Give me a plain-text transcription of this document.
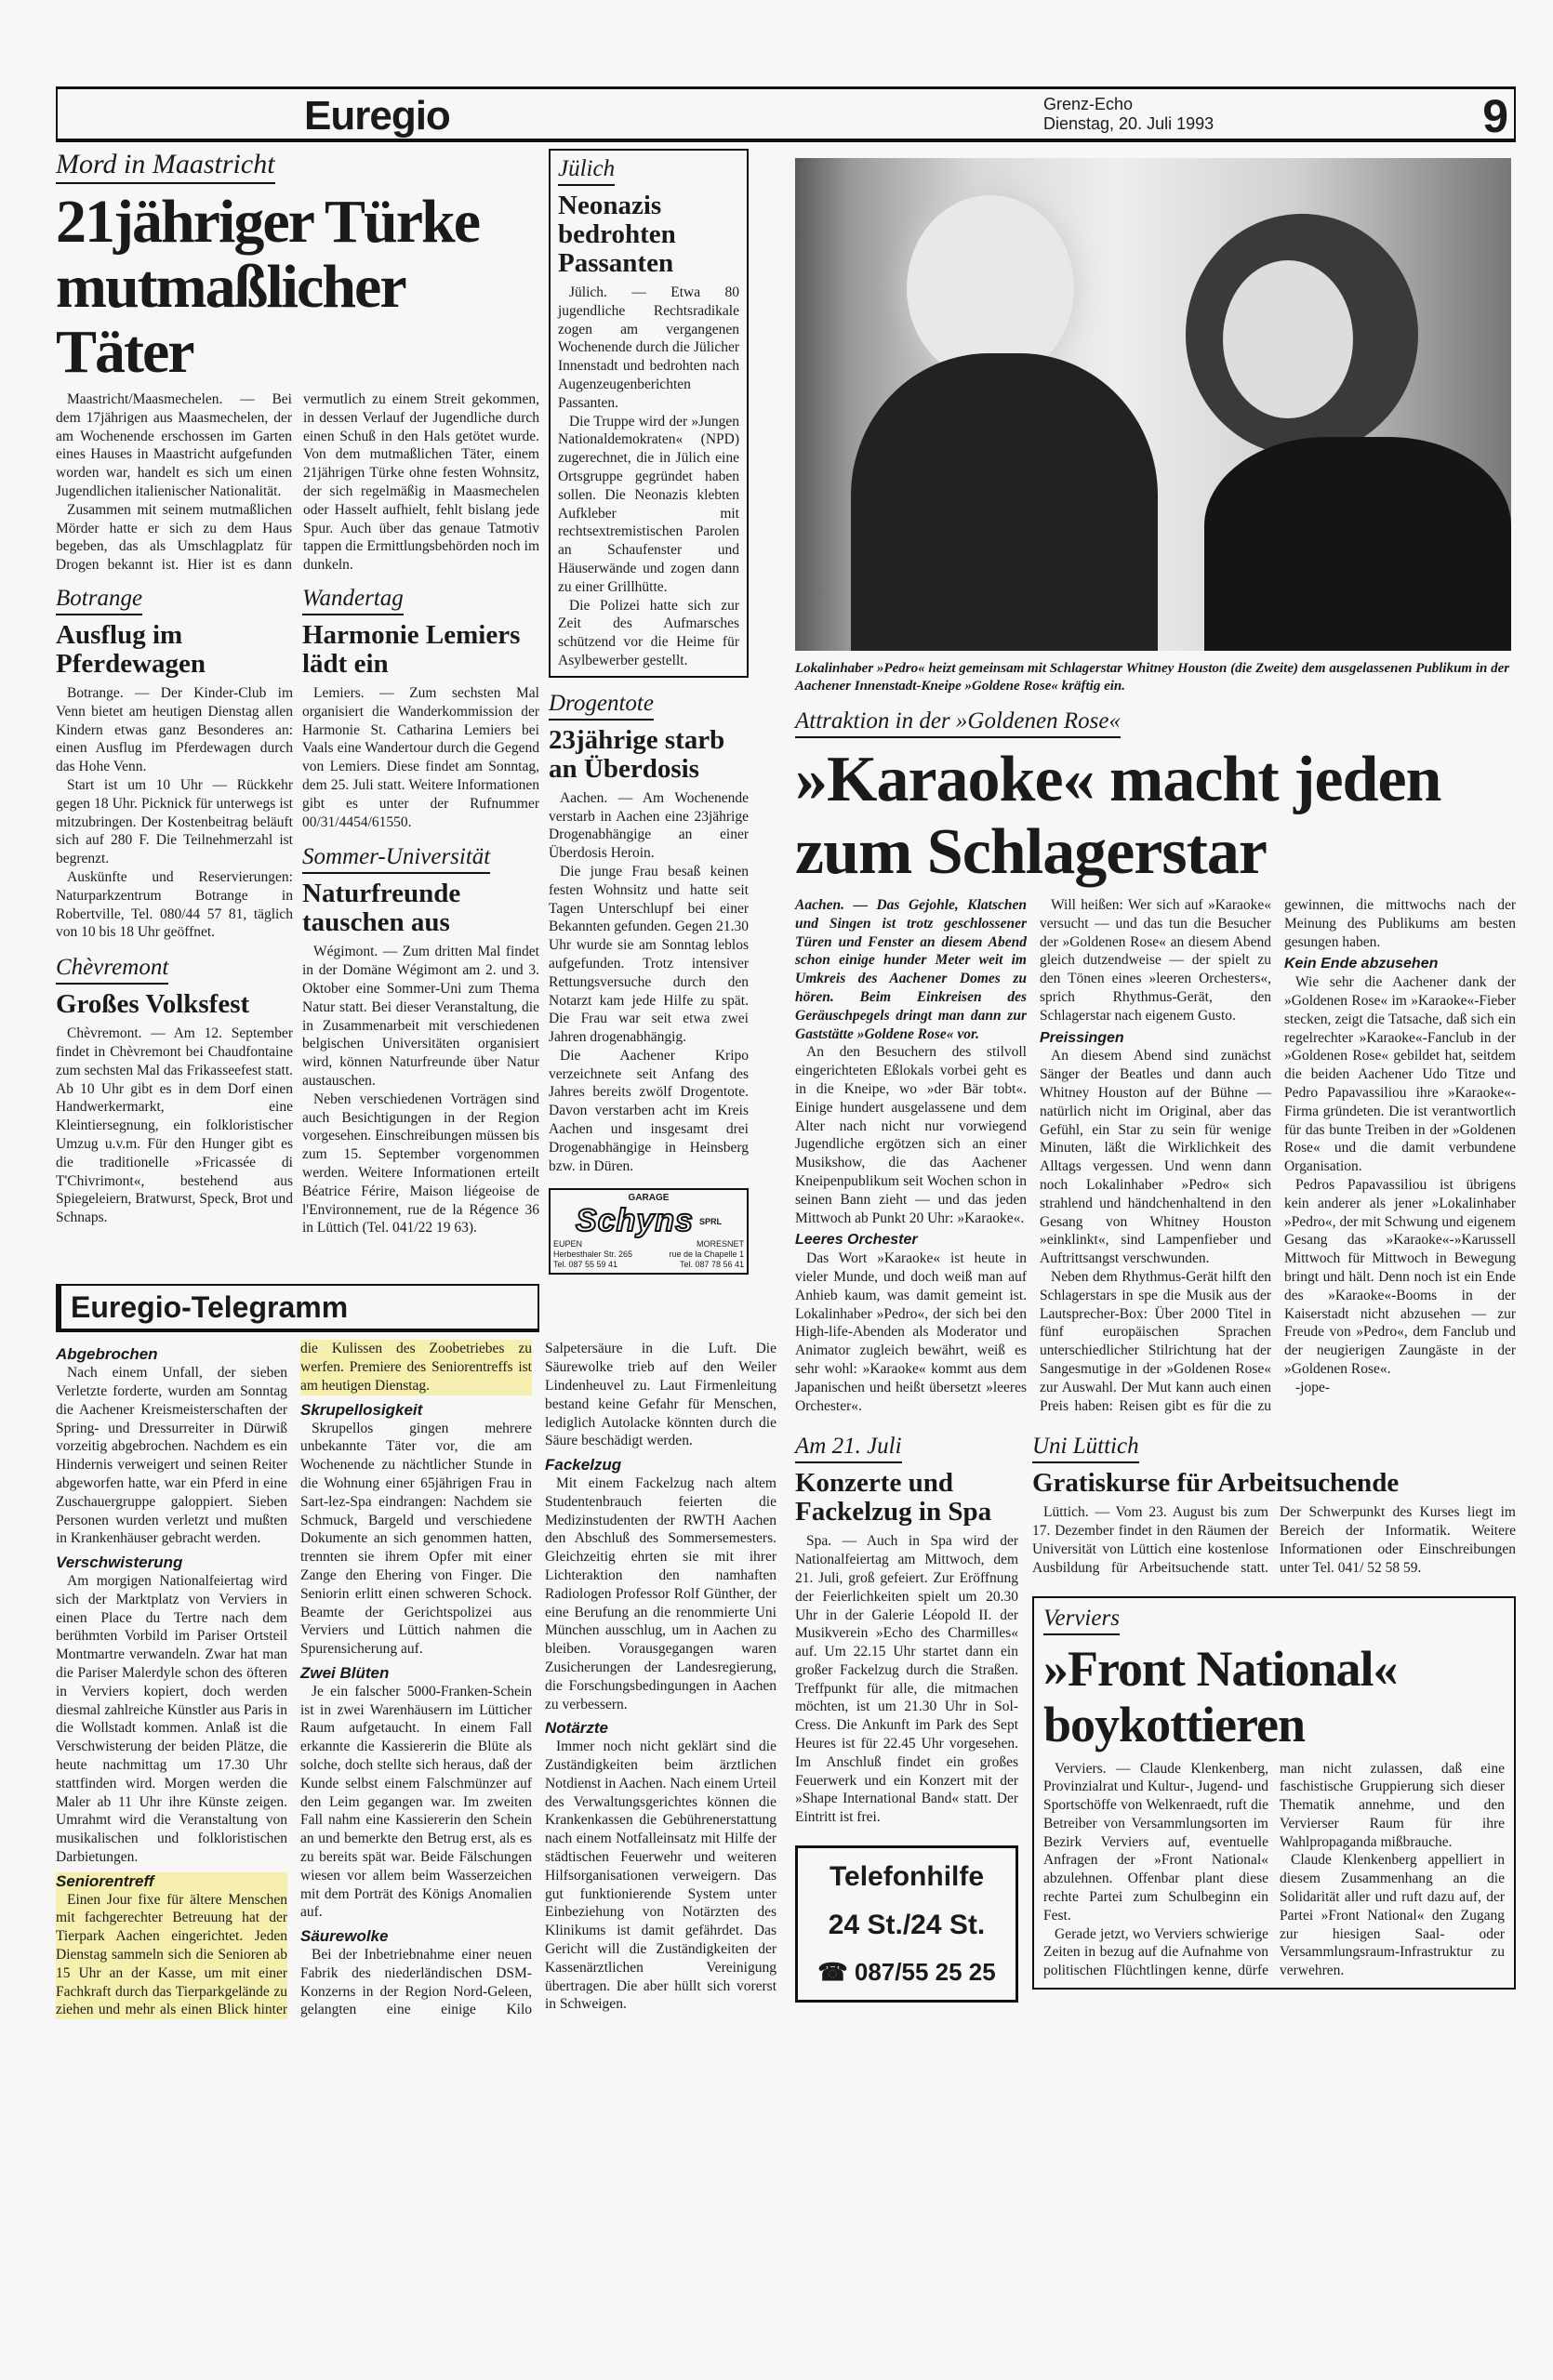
Euregio	Grenz-Echo
Dienstag, 20. Juli 1993	9
Mord in Maastricht
21jähriger Türke mutmaßlicher Täter

Maastricht/Maasmechelen. — Bei dem 17jährigen aus Maasmechelen, der am Wochenende erschossen im Garten eines Hauses in Maastricht aufgefunden worden war, handelt es sich um einen Jugendlichen italienischer Nationalität.

Zusammen mit seinem mutmaßlichen Mörder hatte er sich zu dem Haus begeben, das als Umschlagplatz für Drogen bekannt ist. Hier ist es dann vermutlich zu einem Streit gekommen, in dessen Verlauf der Jugendliche durch einen Schuß in den Hals getötet wurde. Von dem mutmaßlichen Täter, einem 21jährigen Türke ohne festen Wohnsitz, der sich regelmäßig in Maasmechelen oder Hasselt aufhielt, fehlt bislang jede Spur. Auch über das genaue Tatmotiv tappen die Ermittlungsbehörden noch im dunkeln.

Botrange
Ausflug im Pferdewagen

Botrange. — Der Kinder-Club im Venn bietet am heutigen Dienstag allen Kindern etwas ganz Besonderes an: einen Ausflug im Pferdewagen durch das Hohe Venn.

Start ist um 10 Uhr — Rückkehr gegen 18 Uhr. Picknick für unterwegs ist mitzubringen. Der Kostenbeitrag beläuft sich auf 280 F. Die Teilnehmerzahl ist begrenzt.

Auskünfte und Reservierungen: Naturparkzentrum Botrange in Robertville, Tel. 080/44 57 81, täglich von 10 bis 18 Uhr geöffnet.

Chèvremont
Großes Volksfest

Chèvremont. — Am 12. September findet in Chèvremont bei Chaudfontaine zum sechsten Mal das Frikasseefest statt. Ab 10 Uhr gibt es in dem Dorf einen Handwerkermarkt, eine Kleintiersegnung, ein folkloristischer Umzug u.v.m. Für den Hunger gibt es die traditionelle »Fricassée di T'Chivrimont«, bestehend aus Spiegeleiern, Bratwurst, Speck, Brot und Schnaps.

Wandertag
Harmonie Lemiers lädt ein

Lemiers. — Zum sechsten Mal organisiert die Wanderkommission der Harmonie St. Catharina Lemiers bei Vaals eine Wandertour durch die Gegend von Lemiers. Diese findet am Sonntag, dem 25. Juli statt. Weitere Informationen gibt es unter der Rufnummer 00/31/4454/61550.

Sommer-Universität
Naturfreunde tauschen aus

Wégimont. — Zum dritten Mal findet in der Domäne Wégimont am 2. und 3. Oktober eine Sommer-Uni zum Thema Natur statt. Bei dieser Veranstaltung, die in Zusammenarbeit mit verschiedenen belgischen Universitäten organisiert wird, können Naturfreunde über Natur austauschen.

Neben verschiedenen Vorträgen sind auch Besichtigungen in der Region vorgesehen. Einschreibungen müssen bis zum 15. September vorgenommen werden. Weitere Informationen erteilt Béatrice Férire, Maison liégeoise de l'Environnement, rue de la Régence 36 in Lüttich (Tel. 041/22 19 63).

Jülich
Neonazis bedrohten Passanten

Jülich. — Etwa 80 jugendliche Rechtsradikale zogen am vergangenen Wochenende durch die Jülicher Innenstadt und bedrohten nach Augenzeugenberichten Passanten.

Die Truppe wird der »Jungen Nationaldemokraten« (NPD) zugerechnet, die in Jülich eine Ortsgruppe gegründet haben sollen. Die Neonazis klebten Aufkleber mit rechtsextremistischen Parolen an Schaufenster und Häuserwände und zogen dann zu einer Grillhütte.

Die Polizei hatte sich zur Zeit des Aufmarsches schützend vor die Heime für Asylbewerber gestellt.

Drogentote
23jährige starb an Überdosis

Aachen. — Am Wochenende verstarb in Aachen eine 23jährige Drogenabhängige an einer Überdosis Heroin.

Die junge Frau besaß keinen festen Wohnsitz und hatte seit Tagen Unterschlupf bei einer Bekannten gefunden. Gegen 21.30 Uhr wurde sie am Sonntag leblos aufgefunden. Trotz intensiver Rettungsversuche durch den Notarzt kam jede Hilfe zu spät. Die Frau war seit etwa zwei Jahren drogenabhängig.

Die Aachener Kripo verzeichnete seit Anfang des Jahres bereits zwölf Drogentote. Davon verstarben acht im Kreis Aachen und insgesamt drei Drogenabhängige in Heinsberg bzw. in Düren.

GARAGE
Schyns SPRL
EUPEN
Herbesthaler Str. 265
Tel. 087 55 59 41
MORESNET
rue de la Chapelle 1
Tel. 087 78 56 41
Euregio-Telegramm
Abgebrochen

Nach einem Unfall, der sieben Verletzte forderte, wurden am Sonntag die Aachener Kreismeisterschaften der Spring- und Dressurreiter in Dürwiß vorzeitig abgebrochen. Nachdem es ein Hindernis verweigert und seinen Reiter abgeworfen hatte, war ein Pferd in eine Zuschauergruppe galoppiert. Sieben Personen wurden verletzt und mußten in Krankenhäuser gebracht werden.

Verschwisterung

Am morgigen Nationalfeiertag wird sich der Marktplatz von Verviers in einen Place du Tertre nach dem berühmten Vorbild im Pariser Ortsteil Montmartre verwandeln. Zwar hat man die Pariser Malerdyle schon des öfteren in Verviers kopiert, doch werden diesmal zahlreiche Künstler aus Paris in die Wollstadt kommen. Anlaß ist die Verschwisterung der beiden Plätze, die heute nachmittag um 17.30 Uhr stattfinden wird. Morgen werden die Maler ab 11 Uhr ihre Künste zeigen. Umrahmt wird die Veranstaltung von musikalischen und folkloristischen Darbietungen.

Seniorentreff

Einen Jour fixe für ältere Menschen mit fachgerechter Betreuung hat der Tierpark Aachen eingerichtet. Jeden Dienstag sammeln sich die Senioren ab 15 Uhr an der Kasse, um mit einer Fachkraft durch das Tierparkgelände zu ziehen und mehr als einen Blick hinter die Kulissen des Zoobetriebes zu werfen. Premiere des Seniorentreffs ist am heutigen Dienstag.

Skrupellosigkeit

Skrupellos gingen mehrere unbekannte Täter vor, die am Wochenende zu nächtlicher Stunde in die Wohnung einer 65jährigen Frau in Sart-lez-Spa eindrangen: Nachdem sie Schmuck, Bargeld und verschiedene Dokumente an sich genommen hatten, trennten sie ihrem Opfer mit einer Zange den Ehering von Finger. Die Seniorin erlitt einen schweren Schock. Beamte der Gerichtspolizei aus Verviers und Lüttich nahmen die Spurensicherung auf.

Zwei Blüten

Je ein falscher 5000-Franken-Schein ist in zwei Warenhäusern im Lütticher Raum aufgetaucht. In einem Fall erkannte die Kassiererin die Blüte als solche, doch stellte sich heraus, daß der Kunde selbst einem Falschmünzer auf den Leim gegangen war. Im zweiten Fall nahm eine Kassiererin den Schein an und bemerkte den Betrug erst, als es zu bereits spät war. Beide Fälschungen wiesen vor allem beim Wasserzeichen mit dem Porträt des Königs Anomalien auf.

Säurewolke

Bei der Inbetriebnahme einer neuen Fabrik des niederländischen DSM-Konzerns in der Region Nord-Geleen, gelangten eine einige Kilo Salpetersäure in die Luft. Die Säurewolke trieb auf den Weiler Lindenheuvel zu. Laut Firmenleitung bestand keine Gefahr für Menschen, lediglich Autolacke könnten durch die Säure beschädigt werden.

Fackelzug

Mit einem Fackelzug nach altem Studentenbrauch feierten die Medizinstudenten der RWTH Aachen den Abschluß des Sommersemesters. Gleichzeitig ehrten sie mit ihrer Lichteraktion den namhaften Radiologen Professor Rolf Günther, der eine Berufung an die renommierte Uni München ausschlug, um in Aachen zu bleiben. Vorausgegangen waren Zusicherungen der Landesregierung, die Forschungsbedingungen in Aachen zu verbessern.

Notärzte

Immer noch nicht geklärt sind die Zuständigkeiten beim ärztlichen Notdienst in Aachen. Nach einem Urteil des Verwaltungsgerichtes können die Krankenkassen die Gebührenerstattung nach einem Notfalleinsatz mit Hilfe der städtischen Feuerwehr und weiteren Hilfsorganisationen verweigern. Das gut funktionierende System unter Einbeziehung von Notärzten des Klinikums ist damit gefährdet. Das Gericht will die Zuständigkeiten der Kassenärztlichen Vereinigung übertragen. Die aber hüllt sich vorerst in Schweigen.

Lokalinhaber »Pedro« heizt gemeinsam mit Schlagerstar Whitney Houston (die Zweite) dem ausgelassenen Publikum in der Aachener Innenstadt-Kneipe »Goldene Rose« kräftig ein.
Attraktion in der »Goldenen Rose«
»Karaoke« macht jeden zum Schlagerstar

Aachen. — Das Gejohle, Klatschen und Singen ist trotz geschlossener Türen und Fenster an diesem Abend schon einige hunder Meter weit im Umkreis des Aachener Domes zu hören. Beim Einkreisen des Geräuschpegels dringt man dann zur Gaststätte »Goldene Rose« vor.

An den Besuchern des stilvoll eingerichteten Eßlokals vorbei geht es in die Kneipe, wo »der Bär tobt«. Einige hundert ausgelassene und dem Alter nach nicht nur vorwiegend Jugendliche ergötzen sich an einer Musikshow, die das Aachener Kneipenpublikum seit Wochen schon in seinen Bann zieht — und das jeden Mittwoch ab Punkt 20 Uhr: »Karaoke«.

Leeres Orchester

Das Wort »Karaoke« ist heute in vieler Munde, und doch weiß man auf Anhieb kaum, was damit gemeint ist. Lokalinhaber »Pedro«, der sich bei den High-life-Abenden als Moderator und Animator zugleich bewährt, weiß es sehr wohl: »Karaoke« kommt aus dem Japanischen und heißt übersetzt »leeres Orchester«.

Will heißen: Wer sich auf »Karaoke« versucht — und das tun die Besucher der »Goldenen Rose« an diesem Abend gleich dutzendweise — der spielt zu den Tönen eines »leeren Orchesters«, sprich Rhythmus-Gerät, den Schlagerstar nach eigenem Gusto.

Preissingen

An diesem Abend sind zunächst Sänger der Beatles und dann auch Whitney Houston auf der Bühne — natürlich nicht im Original, aber das Gefühl, ein Star zu sein für wenige Minuten, läßt die Wirklichkeit des Alltags vergessen. Und wenn dann noch Lokalinhaber »Pedro« sich strahlend und händchenhaltend in den Gesang von Whitney Houston »einklinkt«, sind Lampenfieber und Auftrittsangst verschwunden.

Neben dem Rhythmus-Gerät hilft den Schlagerstars in spe die Musik aus der Lautsprecher-Box: Über 2000 Titel in fünf europäischen Sprachen unterschiedlicher Stilrichtung hat der Sangesmutige in der »Goldenen Rose« zur Auswahl. Der Mut kann auch einen Preis haben: Reisen gibt es für die zu gewinnen, die mittwochs nach der Meinung des Publikums am besten gesungen haben.

Kein Ende abzusehen

Wie sehr die Aachener dank der »Goldenen Rose« im »Karaoke«-Fieber stecken, zeigt die Tatsache, daß sich ein regelrechter »Karaoke«-Fanclub in der »Goldenen Rose« gebildet hat, seitdem die beiden Aachener Udo Titze und Pedro Papavassiliou ihre »Karaoke«-Firma gründeten. Die ist verantwortlich für das bunte Treiben in der »Goldenen Rose« und die damit verbundene Organisation.

Pedros Papavassiliou ist übrigens kein anderer als jener »Lokalinhaber »Pedro«, der mit Schwung und eigenem Gesang das »Karaoke«-»Karussell Mittwoch für Mittwoch in Bewegung bringt und hält. Denn noch ist ein Ende des »Karaoke«-Booms in der Kaiserstadt nicht abzusehen — zur Freude von »Pedro«, dem Fanclub und der neugierigen Zaungäste in der »Goldenen Rose«.

-jope-

Am 21. Juli
Konzerte und Fackelzug in Spa

Spa. — Auch in Spa wird der Nationalfeiertag am Mittwoch, dem 21. Juli, groß gefeiert. Zur Eröffnung der Feierlichkeiten spielt um 20.30 Uhr in der Galerie Léopold II. der Musikverein »Echo des Charmilles« auf. Um 22.15 Uhr startet dann ein großer Fackelzug durch die Straßen. Treffpunkt für alle, die mitmachen möchten, ist um 21.30 Uhr in Sol-Cress. Die Ankunft im Park des Sept Heures ist für 22.45 Uhr vorgesehen. Im Anschluß findet ein großes Feuerwerk und ein Konzert mit der »Shape International Band« statt. Der Eintritt ist frei.

Telefonhilfe
24 St./24 St.
☎ 087/55 25 25
Uni Lüttich
Gratiskurse für Arbeitsuchende

Lüttich. — Vom 23. August bis zum 17. Dezember findet in den Räumen der Universität von Lüttich eine kostenlose Ausbildung für Arbeitsuchende statt. Der Schwerpunkt des Kurses liegt im Bereich der Informatik. Weitere Informationen oder Einschreibungen unter Tel. 041/ 52 58 59.

Verviers
»Front National« boykottieren

Verviers. — Claude Klenkenberg, Provinzialrat und Kultur-, Jugend- und Sportschöffe von Welkenraedt, ruft die Betreiber von Versammlungsorten im Bezirk Verviers auf, eventuelle Anfragen der »Front National« abzulehnen. Offenbar plant diese rechte Partei zum Schulbeginn ein Fest.

Gerade jetzt, wo Verviers schwierige Zeiten in bezug auf die Aufnahme von politischen Flüchtlingen kenne, dürfe man nicht zulassen, daß eine faschistische Gruppierung sich dieser Thematik annehme, und den Vervierser Raum für ihre Wahlpropaganda mißbrauche.

Claude Klenkenberg appelliert in diesem Zusammenhang an die Solidarität aller und ruft dazu auf, der Partei »Front National« den Zugang zur hiesigen Saal- oder Versammlungsraum-Infrastruktur zu verwehren.
